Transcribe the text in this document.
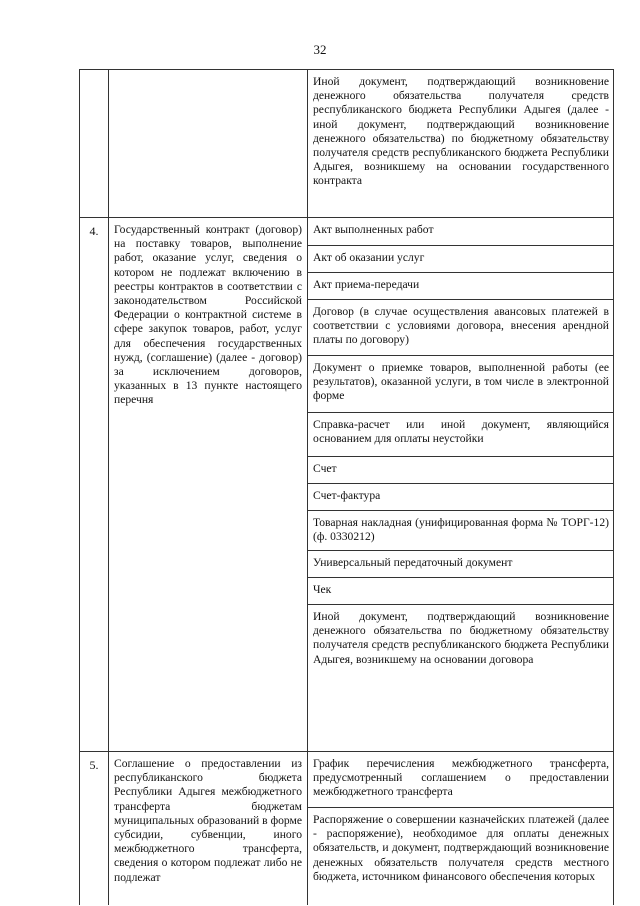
32
Иной документ, подтверждающий возникновение денежного обязательства получателя средств республиканского бюджета Республики Адыгея (далее - иной документ, подтверждающий возникновение денежного обязательства) по бюджетному обязательству получателя средств республиканского бюджета Республики Адыгея, возникшему на основании государственного контракта
4.	Государственный контракт (договор) на поставку товаров, выполнение работ, оказание услуг, сведения о котором не подлежат включению в реестры контрактов в соответствии с законодательством Российской Федерации о контрактной системе в сфере закупок товаров, работ, услуг для обеспечения государственных нужд, (соглашение) (далее - договор) за исключением договоров, указанных в 13 пункте настоящего перечня
Акт выполненных работ
Акт об оказании услуг
Акт приема-передачи
Договор (в случае осуществления авансовых платежей в соответствии с условиями договора, внесения арендной платы по договору)
Документ о приемке товаров, выполненной работы (ее результатов), оказанной услуги, в том числе в электронной форме
Справка-расчет или иной документ, являющийся основанием для оплаты неустойки
Счет
Счет-фактура
Товарная накладная (унифицированная форма № ТОРГ-12) (ф. 0330212)
Универсальный передаточный документ
Чек
Иной документ, подтверждающий возникновение денежного обязательства по бюджетному обязательству получателя средств республиканского бюджета Республики Адыгея, возникшему на основании договора
5.	Соглашение о предоставлении из республиканского бюджета Республики Адыгея межбюджетного трансферта бюджетам муниципальных образований в форме субсидии, субвенции, иного межбюджетного трансферта, сведения о котором подлежат либо не подлежат
График перечисления межбюджетного трансферта, предусмотренный соглашением о предоставлении межбюджетного трансферта
Распоряжение о совершении казначейских платежей (далее - распоряжение), необходимое для оплаты денежных обязательств, и документ, подтверждающий возникновение денежных обязательств получателя средств местного бюджета, источником финансового обеспечения которых
